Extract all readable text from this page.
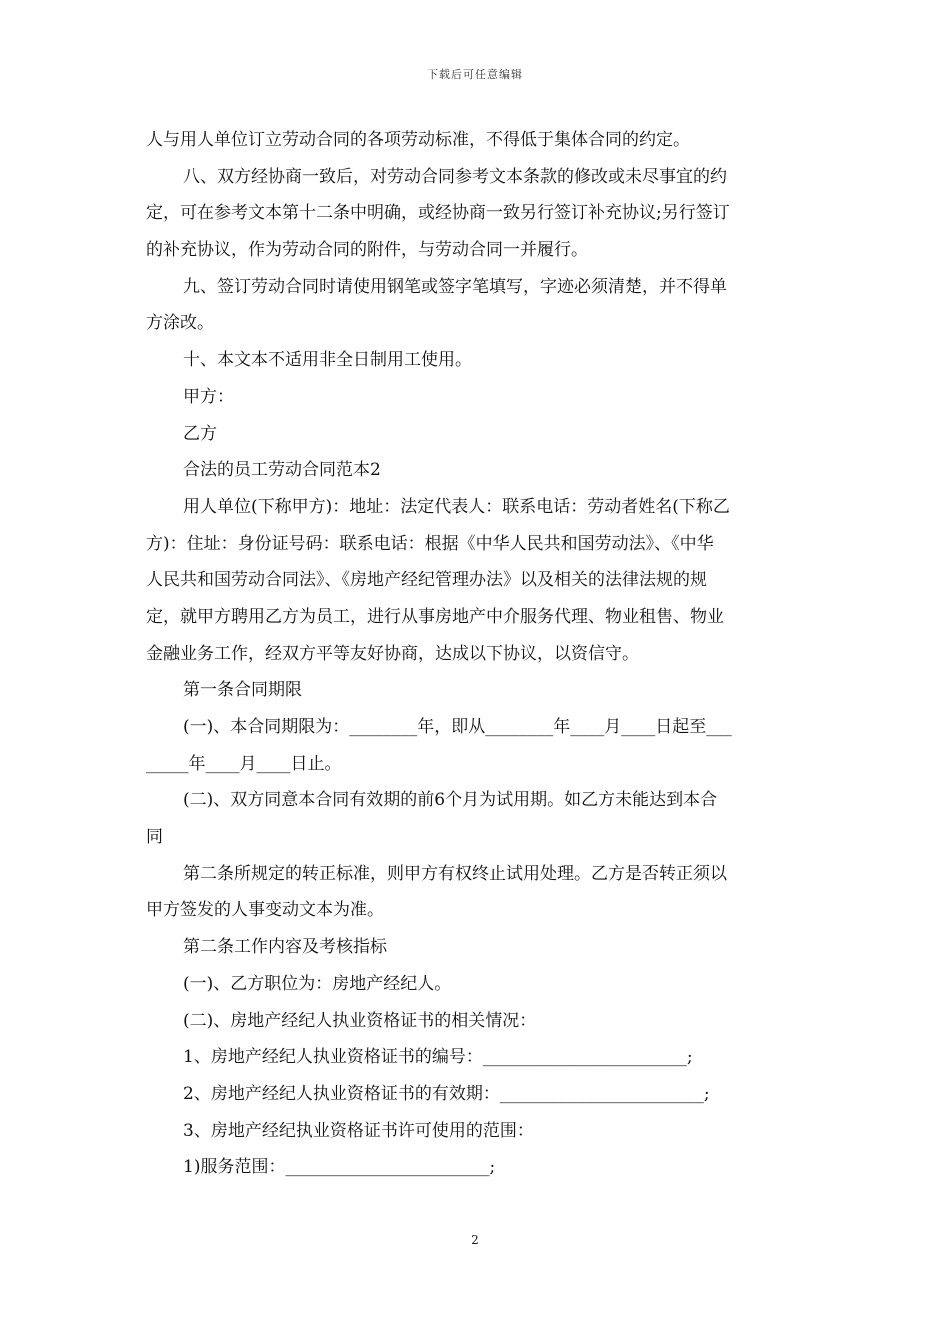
下载后可任意编辑
人与用人单位订立劳动合同的各项劳动标准，不得低于集体合同的约定。
八、双方经协商一致后，对劳动合同参考文本条款的修改或未尽事宜的约
定，可在参考文本第十二条中明确，或经协商一致另行签订补充协议;另行签订
的补充协议，作为劳动合同的附件，与劳动合同一并履行。
九、签订劳动合同时请使用钢笔或签字笔填写，字迹必须清楚，并不得单
方涂改。
十、本文本不适用非全日制用工使用。
甲方：
乙方
合法的员工劳动合同范本2
用人单位(下称甲方)：地址：法定代表人：联系电话：劳动者姓名(下称乙
方)：住址：身份证号码：联系电话：根据《中华人民共和国劳动法》、《中华
人民共和国劳动合同法》、《房地产经纪管理办法》以及相关的法律法规的规
定，就甲方聘用乙方为员工，进行从事房地产中介服务代理、物业租售、物业
金融业务工作，经双方平等友好协商，达成以下协议，以资信守。
第一条合同期限
(一)、本合同期限为：________年，即从________年____月____日起至___
_____年____月____日止。
(二)、双方同意本合同有效期的前6个月为试用期。如乙方未能达到本合
同
第二条所规定的转正标准，则甲方有权终止试用处理。乙方是否转正须以
甲方签发的人事变动文本为准。
第二条工作内容及考核指标
(一)、乙方职位为：房地产经纪人。
(二)、房地产经纪人执业资格证书的相关情况：
1、房地产经纪人执业资格证书的编号：________________________;
2、房地产经纪人执业资格证书的有效期：________________________;
3、房地产经纪执业资格证书许可使用的范围：
1)服务范围：________________________;
2
